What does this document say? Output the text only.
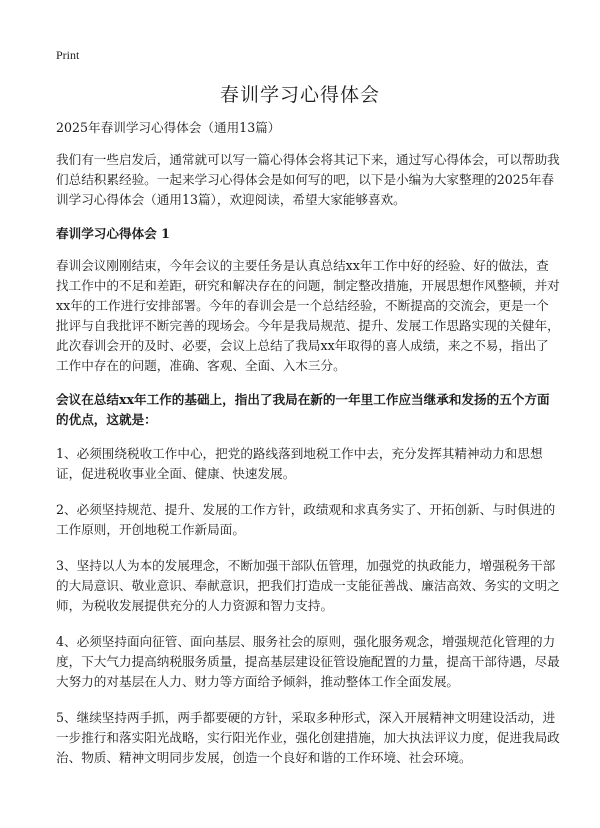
Print
春训学习心得体会

2025年春训学习心得体会（通用13篇）

我们有一些启发后，通常就可以写一篇心得体会将其记下来，通过写心得体会，可以帮助我们总结积累经验。一起来学习心得体会是如何写的吧，以下是小编为大家整理的2025年春训学习心得体会（通用13篇），欢迎阅读，希望大家能够喜欢。

春训学习心得体会 1

春训会议刚刚结束，今年会议的主要任务是认真总结xx年工作中好的经验、好的做法，查找工作中的不足和差距，研究和解决存在的问题，制定整改措施，开展思想作风整顿，并对xx年的工作进行安排部署。今年的春训会是一个总结经验，不断提高的交流会，更是一个批评与自我批评不断完善的现场会。今年是我局规范、提升、发展工作思路实现的关健年，此次春训会开的及时、必要，会议上总结了我局xx年取得的喜人成绩，来之不易，指出了工作中存在的问题，准确、客观、全面、入木三分。

会议在总结xx年工作的基础上，指出了我局在新的一年里工作应当继承和发扬的五个方面的优点，这就是：

1、必须围绕税收工作中心，把党的路线落到地税工作中去，充分发挥其精神动力和思想证，促进税收事业全面、健康、快速发展。

2、必须坚持规范、提升、发展的工作方针，政绩观和求真务实了、开拓创新、与时俱进的工作原则，开创地税工作新局面。

3、坚持以人为本的发展理念，不断加强干部队伍管理，加强党的执政能力，增强税务干部的大局意识、敬业意识、奉献意识，把我们打造成一支能征善战、廉洁高效、务实的文明之师，为税收发展提供充分的人力资源和智力支持。

4、必须坚持面向征管、面向基层、服务社会的原则，强化服务观念，增强规范化管理的力度，下大气力提高纳税服务质量，提高基层建设征管设施配置的力量，提高干部待遇，尽最大努力的对基层在人力、财力等方面给予倾斜，推动整体工作全面发展。

5、继续坚持两手抓，两手都要硬的方针，采取多种形式，深入开展精神文明建设活动，进一步推行和落实阳光战略，实行阳光作业，强化创建措施，加大执法评议力度，促进我局政治、物质、精神文明同步发展，创造一个良好和谐的工作环境、社会环境。
